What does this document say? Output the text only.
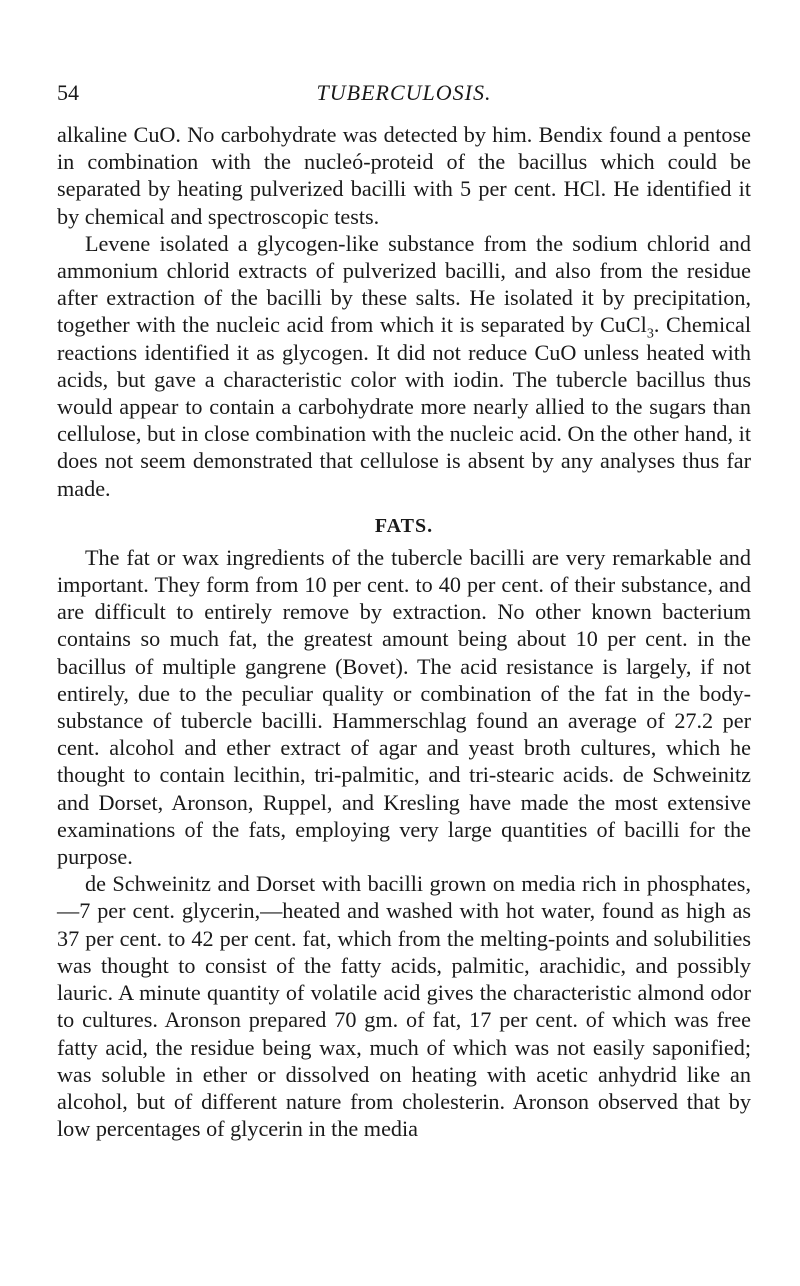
54	TUBERCULOSIS.

alkaline CuO. No carbohydrate was detected by him. Bendix found a pentose in combination with the nucleó-proteid of the bacillus which could be separated by heating pulverized bacilli with 5 per cent. HCl. He identified it by chemical and spectroscopic tests.

Levene isolated a glycogen-like substance from the sodium chlorid and ammonium chlorid extracts of pulverized bacilli, and also from the residue after extraction of the bacilli by these salts. He isolated it by precipitation, together with the nucleic acid from which it is separated by CuCl$_3$. Chemical reactions identified it as glycogen. It did not reduce CuO unless heated with acids, but gave a characteristic color with iodin. The tubercle bacillus thus would appear to contain a carbohydrate more nearly allied to the sugars than cellulose, but in close combination with the nucleic acid. On the other hand, it does not seem demonstrated that cellulose is absent by any analyses thus far made.

FATS.

The fat or wax ingredients of the tubercle bacilli are very remarkable and important. They form from 10 per cent. to 40 per cent. of their substance, and are difficult to entirely remove by extraction. No other known bacterium contains so much fat, the greatest amount being about 10 per cent. in the bacillus of multiple gangrene (Bovet). The acid resistance is largely, if not entirely, due to the peculiar quality or combination of the fat in the body-substance of tubercle bacilli. Hammerschlag found an average of 27.2 per cent. alcohol and ether extract of agar and yeast broth cultures, which he thought to contain lecithin, tri-palmitic, and tri-stearic acids. de Schweinitz and Dorset, Aronson, Ruppel, and Kresling have made the most extensive examinations of the fats, employing very large quantities of bacilli for the purpose.

de Schweinitz and Dorset with bacilli grown on media rich in phosphates,—7 per cent. glycerin,—heated and washed with hot water, found as high as 37 per cent. to 42 per cent. fat, which from the melting-points and solubilities was thought to consist of the fatty acids, palmitic, arachidic, and possibly lauric. A minute quantity of volatile acid gives the characteristic almond odor to cultures. Aronson prepared 70 gm. of fat, 17 per cent. of which was free fatty acid, the residue being wax, much of which was not easily saponified; was soluble in ether or dissolved on heating with acetic anhydrid like an alcohol, but of different nature from cholesterin. Aronson observed that by low percentages of glycerin in the media
